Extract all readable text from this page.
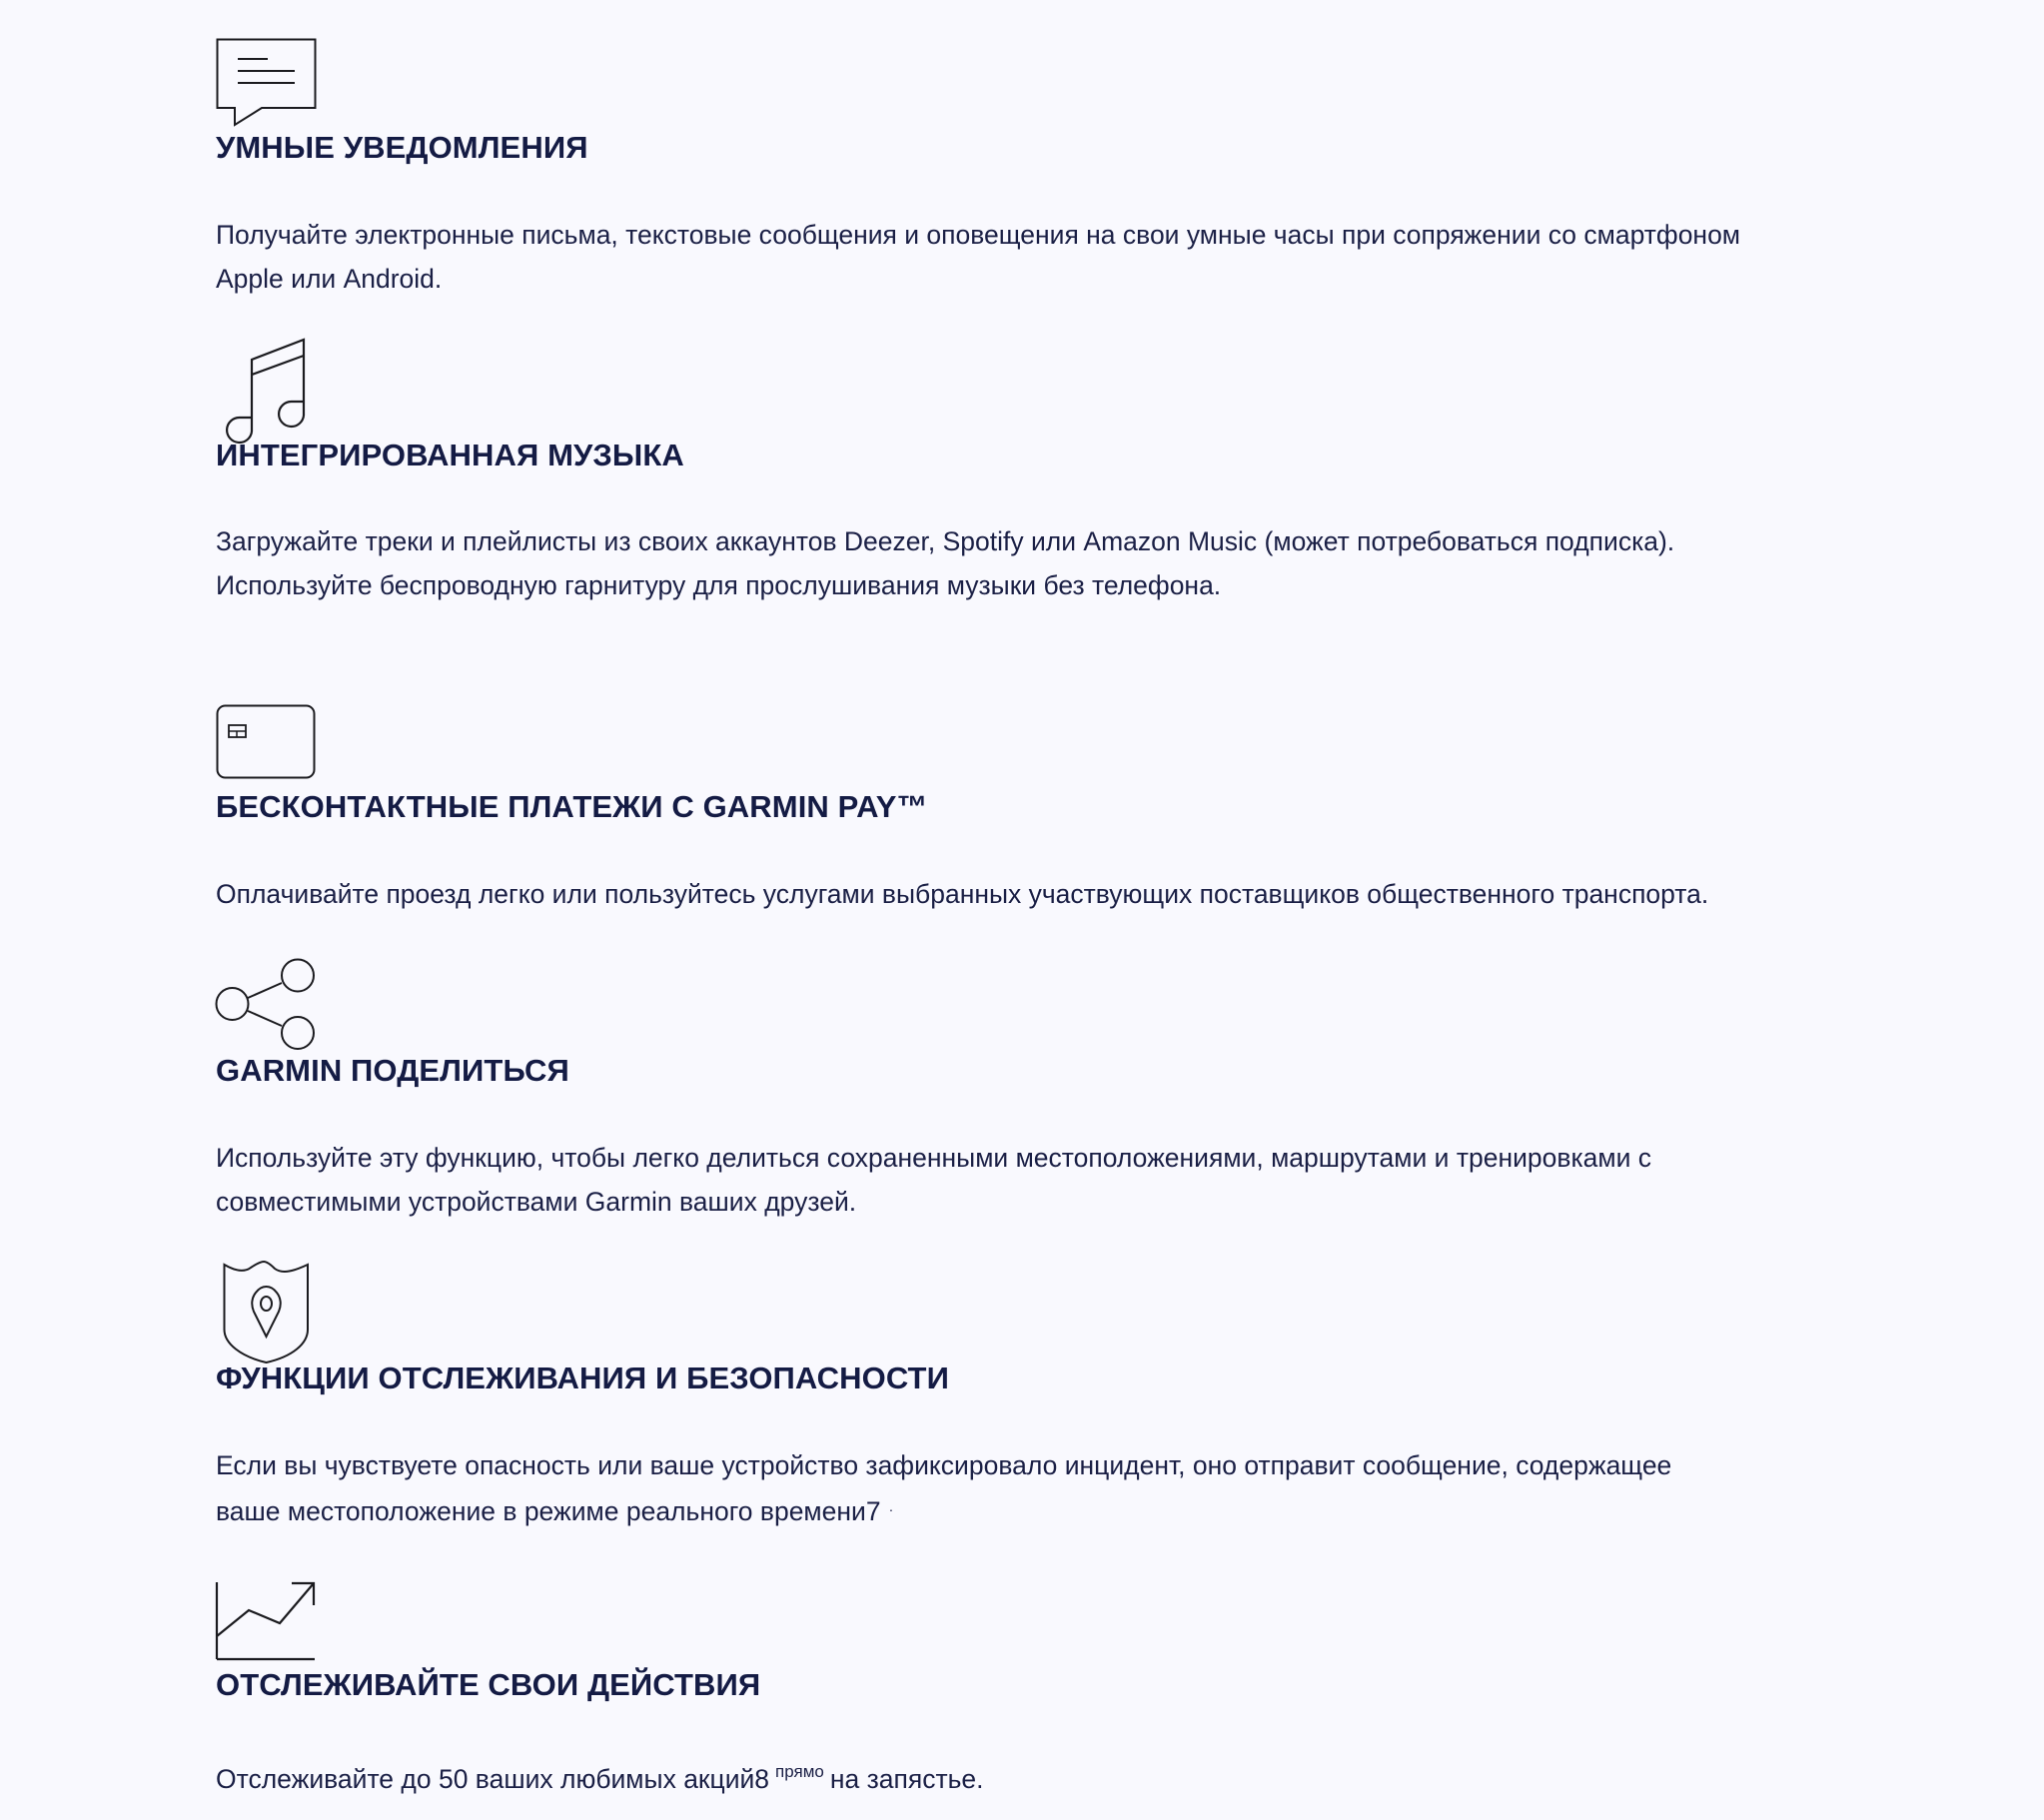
УМНЫЕ УВЕДОМЛЕНИЯ

Получайте электронные письма, текстовые сообщения и оповещения на свои умные часы при сопряжении со смартфоном
Apple или Android.

ИНТЕГРИРОВАННАЯ МУЗЫКА

Загружайте треки и плейлисты из своих аккаунтов Deezer, Spotify или Amazon Music (может потребоваться подписка).
Используйте беспроводную гарнитуру для прослушивания музыки без телефона.

БЕСКОНТАКТНЫЕ ПЛАТЕЖИ С GARMIN PAY™

Оплачивайте проезд легко или пользуйтесь услугами выбранных участвующих поставщиков общественного транспорта.

GARMIN ПОДЕЛИТЬСЯ

Используйте эту функцию, чтобы легко делиться сохраненными местоположениями, маршрутами и тренировками с
совместимыми устройствами Garmin ваших друзей.

ФУНКЦИИ ОТСЛЕЖИВАНИЯ И БЕЗОПАСНОСТИ

Если вы чувствуете опасность или ваше устройство зафиксировало инцидент, оно отправит сообщение, содержащее
ваше местоположение в режиме реального времени7 ·

ОТСЛЕЖИВАЙТЕ СВОИ ДЕЙСТВИЯ

Отслеживайте до 50 ваших любимых акций8 $^{прямо}$ на запястье.
